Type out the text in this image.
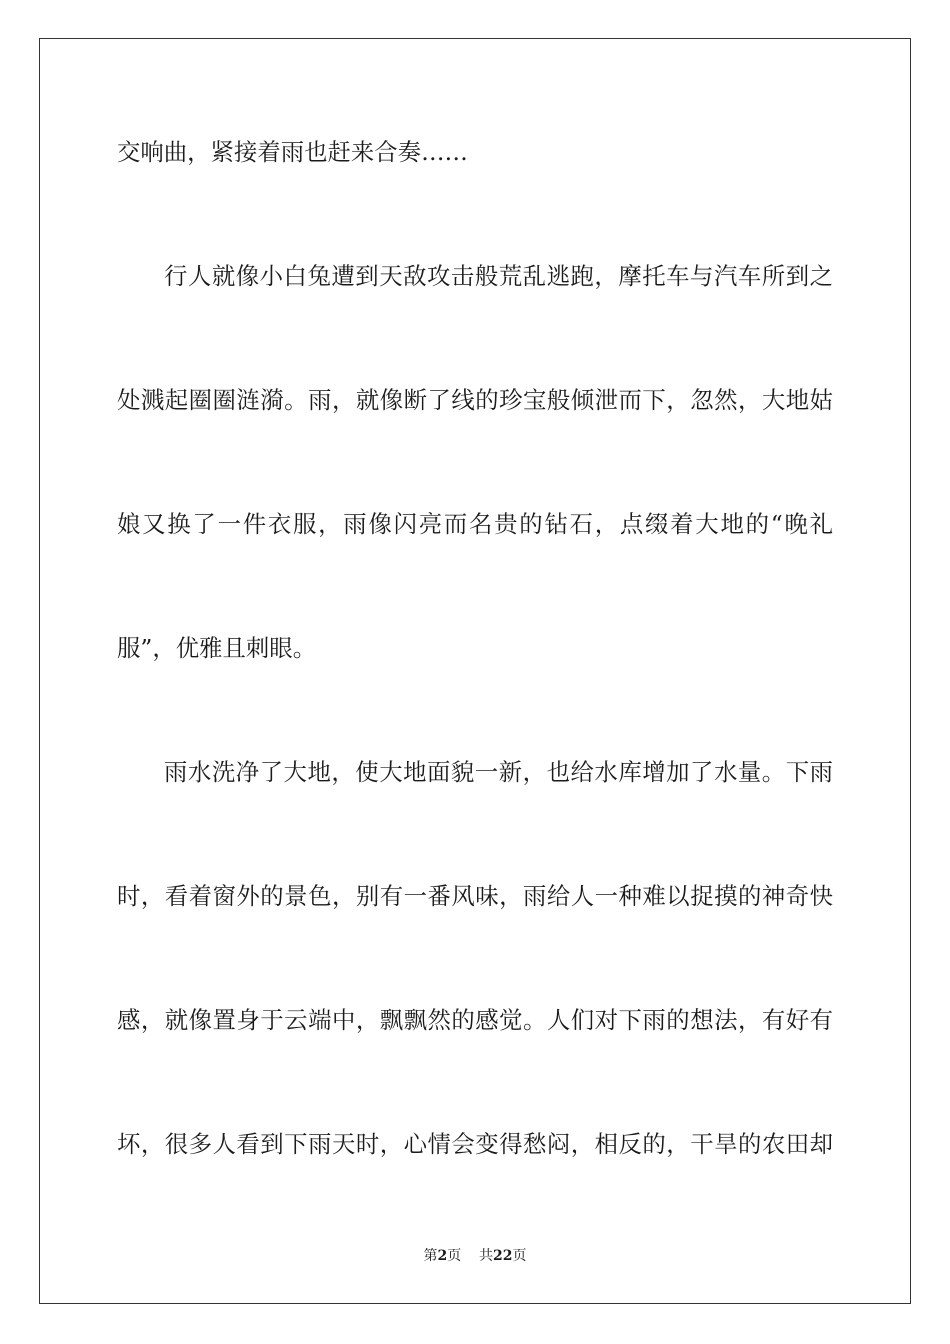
交响曲，紧接着雨也赶来合奏……
行人就像小白兔遭到天敌攻击般荒乱逃跑，摩托车与汽车所到之
处溅起圈圈涟漪。雨，就像断了线的珍宝般倾泄而下，忽然，大地姑
娘又换了一件衣服，雨像闪亮而名贵的钻石，点缀着大地的“晚礼
服”，优雅且刺眼。
雨水洗净了大地，使大地面貌一新，也给水库增加了水量。下雨
时，看着窗外的景色，别有一番风味，雨给人一种难以捉摸的神奇快
感，就像置身于云端中，飘飘然的感觉。人们对下雨的想法，有好有
坏，很多人看到下雨天时，心情会变得愁闷，相反的，干旱的农田却
第2页 共22页
